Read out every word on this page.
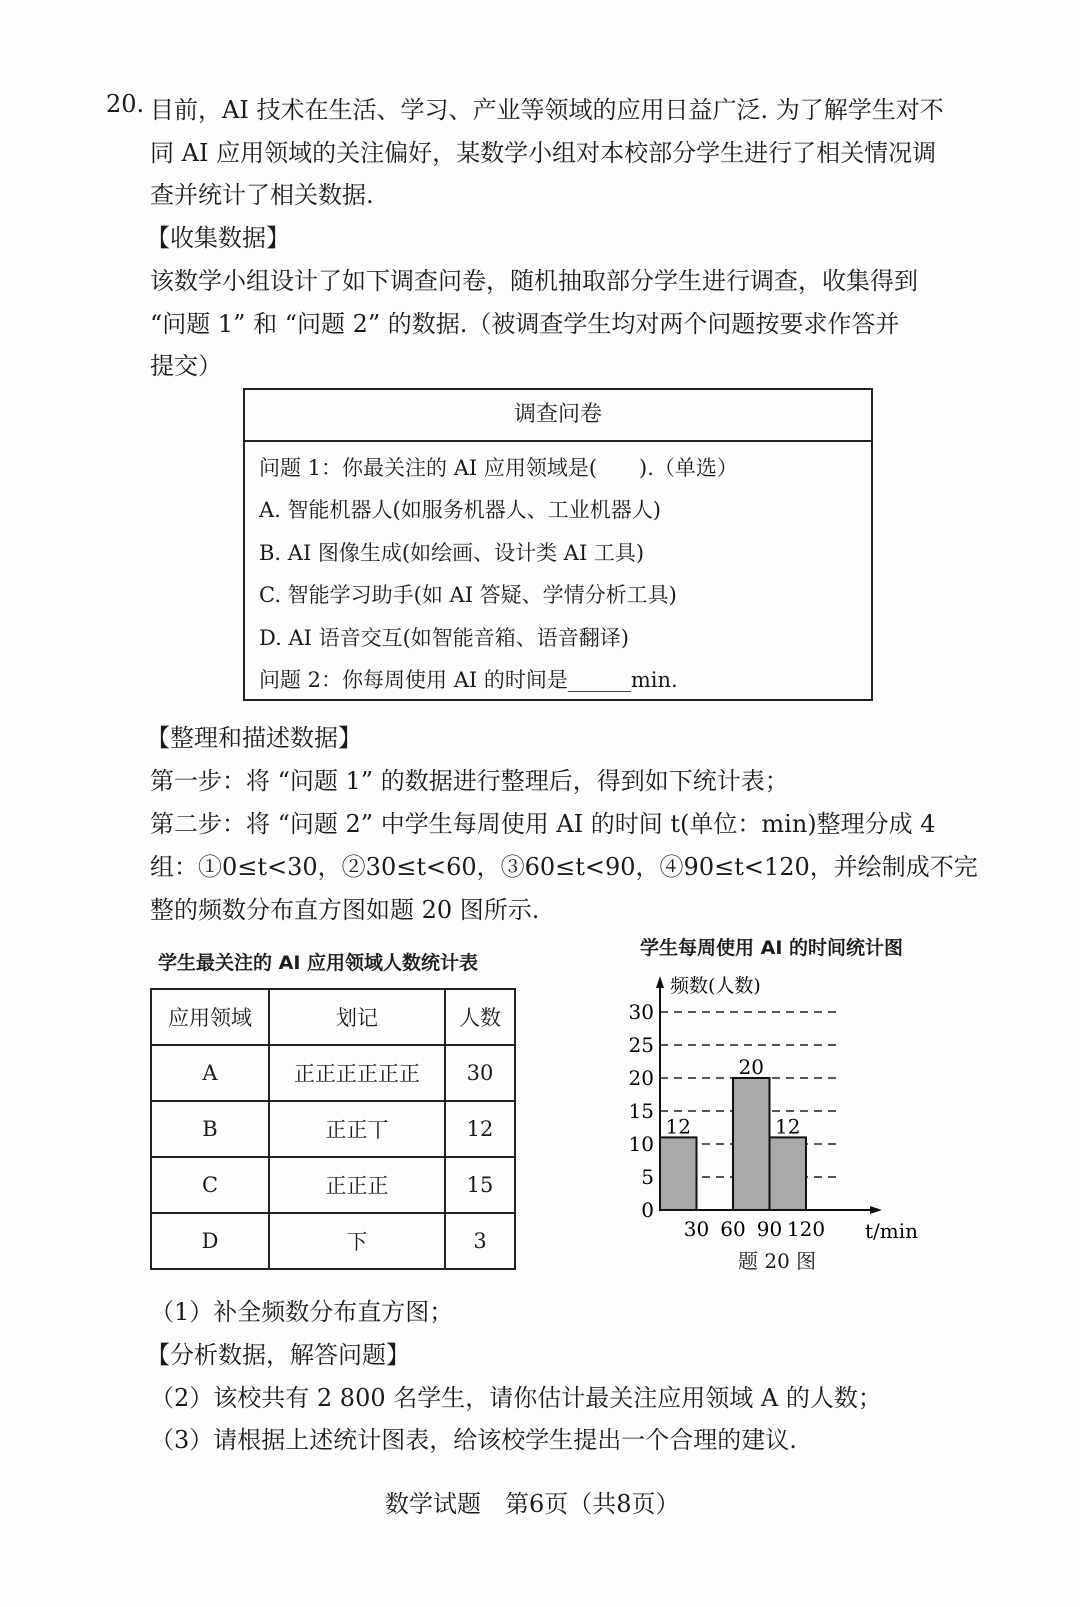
20. 目前，AI 技术在生活、学习、产业等领域的应用日益广泛. 为了解学生对不
同 AI 应用领域的关注偏好，某数学小组对本校部分学生进行了相关情况调
查并统计了相关数据.
【收集数据】
该数学小组设计了如下调查问卷，随机抽取部分学生进行调查，收集得到
“问题 1” 和 “问题 2” 的数据.（被调查学生均对两个问题按要求作答并
提交）
调查问卷
问题 1：你最关注的 AI 应用领域是(　　).（单选）
A. 智能机器人(如服务机器人、工业机器人)
B. AI 图像生成(如绘画、设计类 AI 工具)
C. 智能学习助手(如 AI 答疑、学情分析工具)
D. AI 语音交互(如智能音箱、语音翻译)
问题 2：你每周使用 AI 的时间是______min.
【整理和描述数据】
第一步：将 “问题 1” 的数据进行整理后，得到如下统计表；
第二步：将 “问题 2” 中学生每周使用 AI 的时间 t(单位：min)整理分成 4
组：①0≤t<30，②30≤t<60，③60≤t<90，④90≤t<120，并绘制成不完
整的频数分布直方图如题 20 图所示.
学生最关注的 AI 应用领域人数统计表
应用领域	划记	人数
A	正正正正正正	30
B	正正丅	12
C	正正正	15
D	下	3
学生每周使用 AI 的时间统计图
0
5
10
15
20
25
30
12
20
12
30 60 90 120
频数(人数)
t/min
题 20 图
（1）补全频数分布直方图；
【分析数据，解答问题】
（2）该校共有 2 800 名学生，请你估计最关注应用领域 A 的人数；
（3）请根据上述统计图表，给该校学生提出一个合理的建议.
数学试题　第6页（共8页）
